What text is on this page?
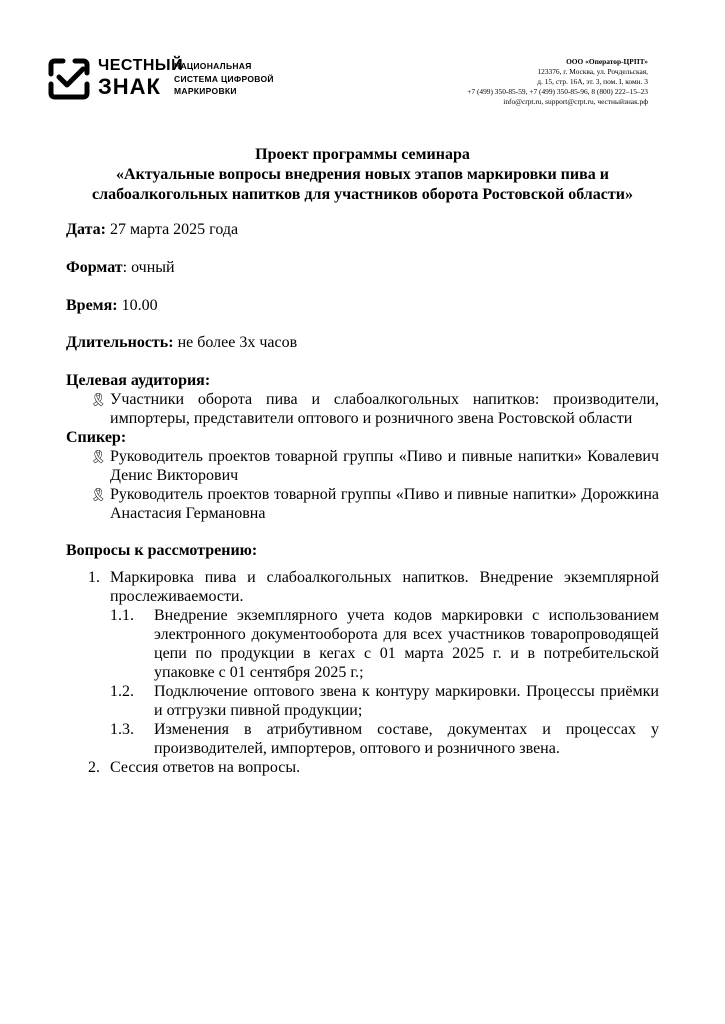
ЧЕСТНЫЙ
ЗНАК
НАЦИОНАЛЬНАЯ
СИСТЕМА ЦИФРОВОЙ
МАРКИРОВКИ
ООО «Оператор-ЦРПТ»
123376, г. Москва, ул. Рочдельская,
д. 15, стр. 16А, эт. 3, пом. I, комн. 3
+7 (499) 350-85-59, +7 (499) 350-85-96, 8 (800) 222–15–23
info@crpt.ru, support@crpt.ru, честныйзнак.рф
Проект программы семинара
«Актуальные вопросы внедрения новых этапов маркировки пива и
слабоалкогольных напитков для участников оборота Ростовской области»
Дата: 27 марта 2025 года
Формат: очный
Время: 10.00
Длительность: не более 3х часов
Целевая аудитория:
🎗 Участники оборота пива и слабоалкогольных напитков: производители, импортеры, представители оптового и розничного звена Ростовской области
Спикер:
🎗 Руководитель проектов товарной группы «Пиво и пивные напитки» Ковалевич Денис Викторович
🎗 Руководитель проектов товарной группы «Пиво и пивные напитки» Дорожкина Анастасия Германовна
Вопросы к рассмотрению:
1. Маркировка пива и слабоалкогольных напитков. Внедрение экземплярной прослеживаемости.
1.1. Внедрение экземплярного учета кодов маркировки с использованием электронного документооборота для всех участников товаропроводящей цепи по продукции в кегах с 01 марта 2025 г. и в потребительской упаковке с 01 сентября 2025 г.;
1.2. Подключение оптового звена к контуру маркировки. Процессы приёмки и отгрузки пивной продукции;
1.3. Изменения в атрибутивном составе, документах и процессах у производителей, импортеров, оптового и розничного звена.
2. Сессия ответов на вопросы.
